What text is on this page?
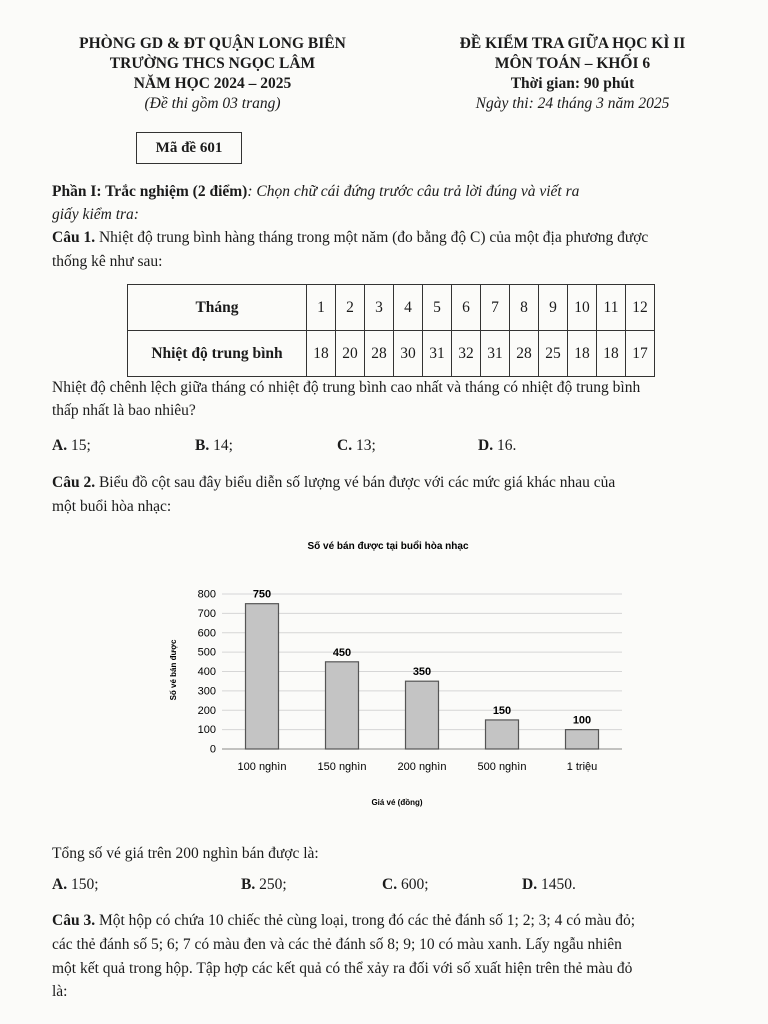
PHÒNG GD & ĐT QUẬN LONG BIÊN
TRƯỜNG THCS NGỌC LÂM
NĂM HỌC 2024 – 2025
(Đề thi gồm 03 trang)
ĐỀ KIỂM TRA GIỮA HỌC KÌ II
MÔN TOÁN – KHỐI 6
Thời gian: 90 phút
Ngày thi: 24 tháng 3 năm 2025
Mã đề 601
Phần I: Trắc nghiệm (2 điểm): Chọn chữ cái đứng trước câu trả lời đúng và viết ra
giấy kiểm tra:
Câu 1. Nhiệt độ trung bình hàng tháng trong một năm (đo bằng độ C) của một địa phương được
thống kê như sau:
Tháng	1	2	3	4	5	6	7	8	9	10	11	12
Nhiệt độ trung bình	18	20	28	30	31	32	31	28	25	18	18	17
Nhiệt độ chênh lệch giữa tháng có nhiệt độ trung bình cao nhất và tháng có nhiệt độ trung bình
thấp nhất là bao nhiêu?
A. 15;	B. 14;	C. 13;	D. 16.
Câu 2. Biểu đồ cột sau đây biểu diễn số lượng vé bán được với các mức giá khác nhau của
một buổi hòa nhạc:
Số vé bán được tại buổi hòa nhạc
Số vé bán được
Giá vé (đồng)
0
100
200
300
400
500
600
700
800	750
100 nghìn
450
150 nghìn
350
200 nghìn
150
500 nghìn
100
1 triệu
Tổng số vé giá trên 200 nghìn bán được là:
A. 150;	B. 250;	C. 600;	D. 1450.
Câu 3. Một hộp có chứa 10 chiếc thẻ cùng loại, trong đó các thẻ đánh số 1; 2; 3; 4 có màu đỏ;
các thẻ đánh số 5; 6; 7 có màu đen và các thẻ đánh số 8; 9; 10 có màu xanh. Lấy ngẫu nhiên
một kết quả trong hộp. Tập hợp các kết quả có thể xảy ra đối với số xuất hiện trên thẻ màu đỏ
là:
